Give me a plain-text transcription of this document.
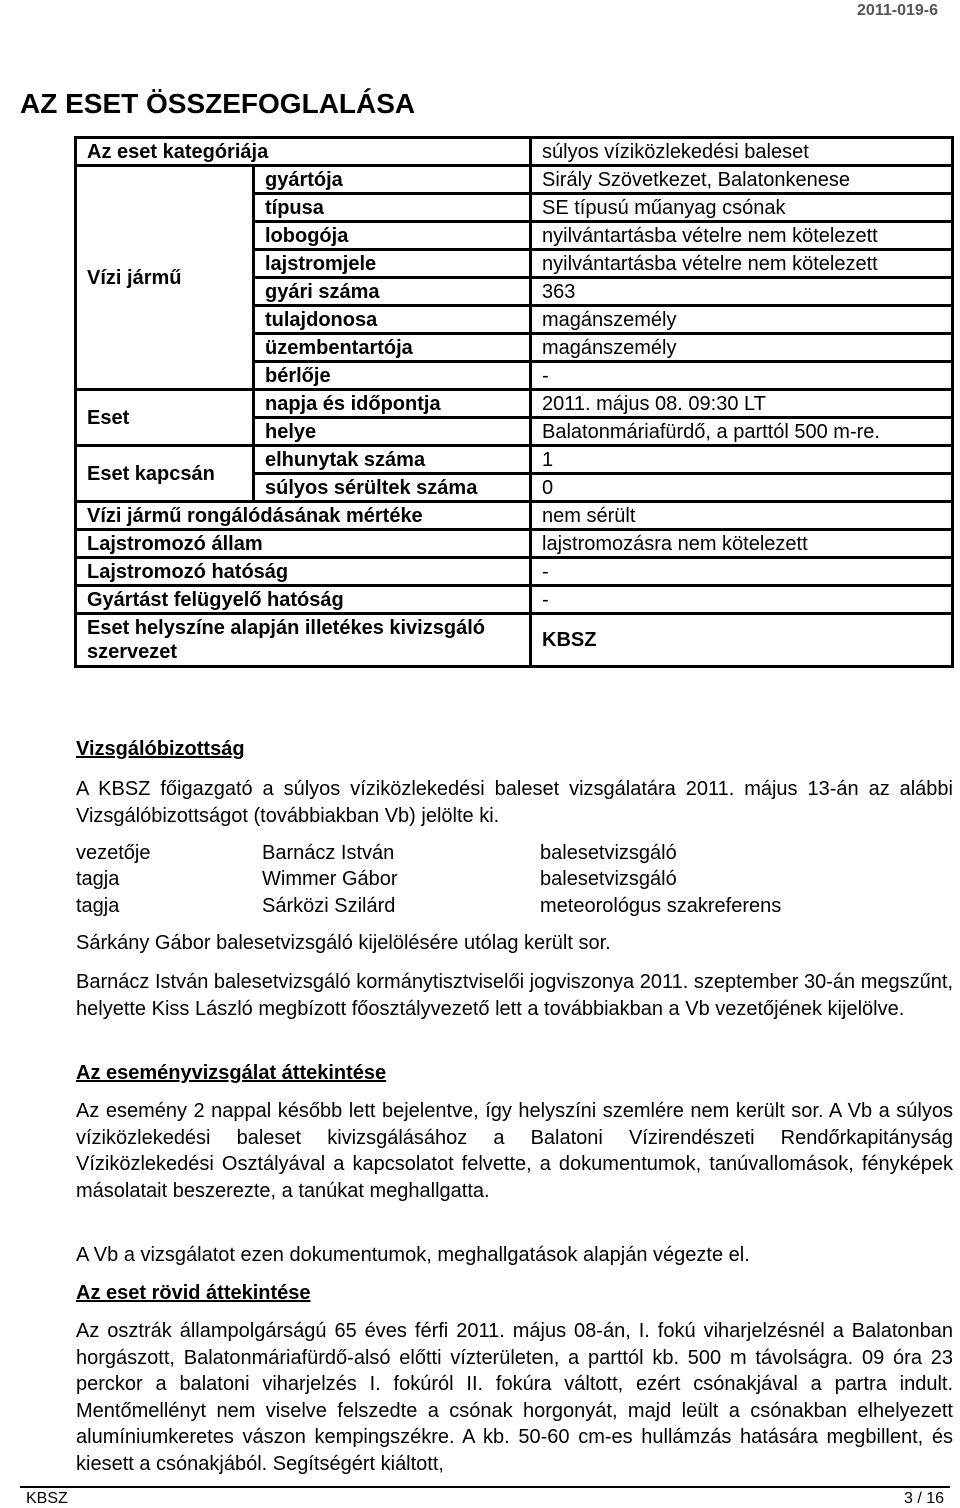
2011-019-6
AZ ESET ÖSSZEFOGLALÁSA
Az eset kategóriája		súlyos víziközlekedési baleset
Vízi jármű	gyártója	Sirály Szövetkezet, Balatonkenese
	típusa	SE típusú műanyag csónak
	lobogója	nyilvántartásba vételre nem kötelezett
	lajstromjele	nyilvántartásba vételre nem kötelezett
	gyári száma	363
	tulajdonosa	magánszemély
	üzembentartója	magánszemély
	bérlője	-
Eset	napja és időpontja	2011. május 08. 09:30 LT
	helye	Balatonmáriafürdő, a parttól 500 m-re.
Eset kapcsán	elhunytak száma	1
	súlyos sérültek száma	0
Vízi jármű rongálódásának mértéke		nem sérült
Lajstromozó állam		lajstromozásra nem kötelezett
Lajstromozó hatóság		-
Gyártást felügyelő hatóság		-
Eset helyszíne alapján illetékes kivizsgáló szervezet		KBSZ
Vizsgálóbizottság
A KBSZ főigazgató a súlyos víziközlekedési baleset vizsgálatára 2011. május 13-án az alábbi Vizsgálóbizottságot (továbbiakban Vb) jelölte ki.
vezetője	Barnácz István	balesetvizsgáló
tagja	Wimmer Gábor	balesetvizsgáló
tagja	Sárközi Szilárd	meteorológus szakreferens
Sárkány Gábor balesetvizsgáló kijelölésére utólag került sor.
Barnácz István balesetvizsgáló kormánytisztviselői jogviszonya 2011. szeptember 30-án megszűnt, helyette Kiss László megbízott főosztályvezető lett a továbbiakban a Vb vezetőjének kijelölve.
Az eseményvizsgálat áttekintése
Az esemény 2 nappal később lett bejelentve, így helyszíni szemlére nem került sor. A Vb a súlyos víziközlekedési baleset kivizsgálásához a Balatoni Vízirendészeti Rendőrkapitányság Víziközlekedési Osztályával a kapcsolatot felvette, a dokumentumok, tanúvallomások, fényképek másolatait beszerezte, a tanúkat meghallgatta.
A Vb a vizsgálatot ezen dokumentumok, meghallgatások alapján végezte el.
Az eset rövid áttekintése
Az osztrák állampolgárságú 65 éves férfi 2011. május 08-án, I. fokú viharjelzésnél a Balatonban horgászott, Balatonmáriafürdő-alsó előtti vízterületen, a parttól kb. 500 m távolságra. 09 óra 23 perckor a balatoni viharjelzés I. fokúról II. fokúra váltott, ezért csónakjával a partra indult. Mentőmellényt nem viselve felszedte a csónak horgonyát, majd leült a csónakban elhelyezett alumíniumkeretes vászon kempingszékre. A kb. 50-60 cm-es hullámzás hatására megbillent, és kiesett a csónakjából. Segítségért kiáltott,
KBSZ	3 / 16
